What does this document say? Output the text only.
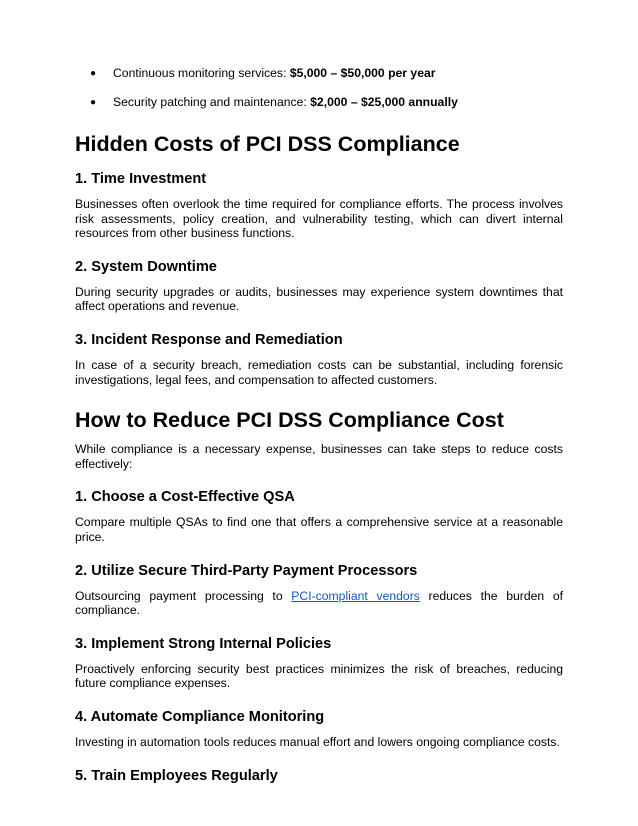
● Continuous monitoring services: $5,000 – $50,000 per year
● Security patching and maintenance: $2,000 – $25,000 annually
Hidden Costs of PCI DSS Compliance
1. Time Investment

Businesses often overlook the time required for compliance efforts. The process involves risk assessments, policy creation, and vulnerability testing, which can divert internal resources from other business functions.

2. System Downtime

During security upgrades or audits, businesses may experience system downtimes that affect operations and revenue.

3. Incident Response and Remediation

In case of a security breach, remediation costs can be substantial, including forensic investigations, legal fees, and compensation to affected customers.

How to Reduce PCI DSS Compliance Cost

While compliance is a necessary expense, businesses can take steps to reduce costs effectively:

1. Choose a Cost-Effective QSA

Compare multiple QSAs to find one that offers a comprehensive service at a reasonable price.

2. Utilize Secure Third-Party Payment Processors

Outsourcing payment processing to PCI-compliant vendors reduces the burden of compliance.

3. Implement Strong Internal Policies

Proactively enforcing security best practices minimizes the risk of breaches, reducing future compliance expenses.

4. Automate Compliance Monitoring

Investing in automation tools reduces manual effort and lowers ongoing compliance costs.

5. Train Employees Regularly
